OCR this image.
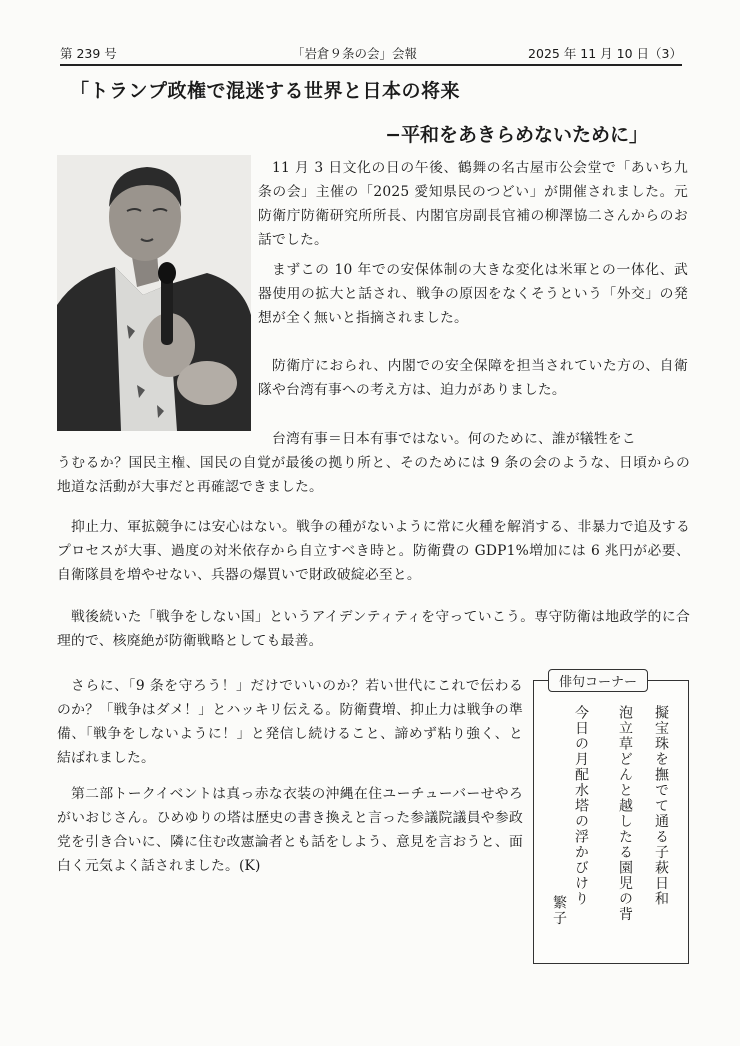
第 239 号	「岩倉９条の会」会報	2025 年 11 月 10 日（3）
「トランプ政権で混迷する世界と日本の将来
−平和をあきらめないために」

11 月 3 日文化の日の午後、鶴舞の名古屋市公会堂で「あいち九条の会」主催の「2025 愛知県民のつどい」が開催されました。元防衛庁防衛研究所所長、内閣官房副長官補の柳澤協二さんからのお話でした。

まずこの 10 年での安保体制の大きな変化は米軍との一体化、武器使用の拡大と話され、戦争の原因をなくそうという「外交」の発想が全く無いと指摘されました。

防衛庁におられ、内閣での安全保障を担当されていた方の、自衛隊や台湾有事への考え方は、迫力がありました。

台湾有事＝日本有事ではない。何のために、誰が犠牲をこ

うむるか？国民主権、国民の自覚が最後の拠り所と、そのためには 9 条の会のような、日頃からの地道な活動が大事だと再確認できました。

抑止力、軍拡競争には安心はない。戦争の種がないように常に火種を解消する、非暴力で追及するプロセスが大事、過度の対米依存から自立すべき時と。防衛費の GDP1%増加には 6 兆円が必要、自衛隊員を増やせない、兵器の爆買いで財政破綻必至と。

戦後続いた「戦争をしない国」というアイデンティティを守っていこう。専守防衛は地政学的に合理的で、核廃絶が防衛戦略としても最善。

さらに、「9 条を守ろう！」だけでいいのか？若い世代にこれで伝わるのか？「戦争はダメ！」とハッキリ伝える。防衛費増、抑止力は戦争の準備、「戦争をしないように！」と発信し続けること、諦めず粘り強く、と結ばれました。

第二部トークイベントは真っ赤な衣装の沖縄在住ユーチューバーせやろがいおじさん。ひめゆりの塔は歴史の書き換えと言った参議院議員や参政党を引き合いに、隣に住む改憲論者とも話をしよう、意見を言おうと、面白く元気よく話されました。(K)

俳句コーナー
擬宝珠を撫でて通る子萩日和
泡立草どんと越したる園児の背
今日の月配水塔の浮かびけり
繁子
